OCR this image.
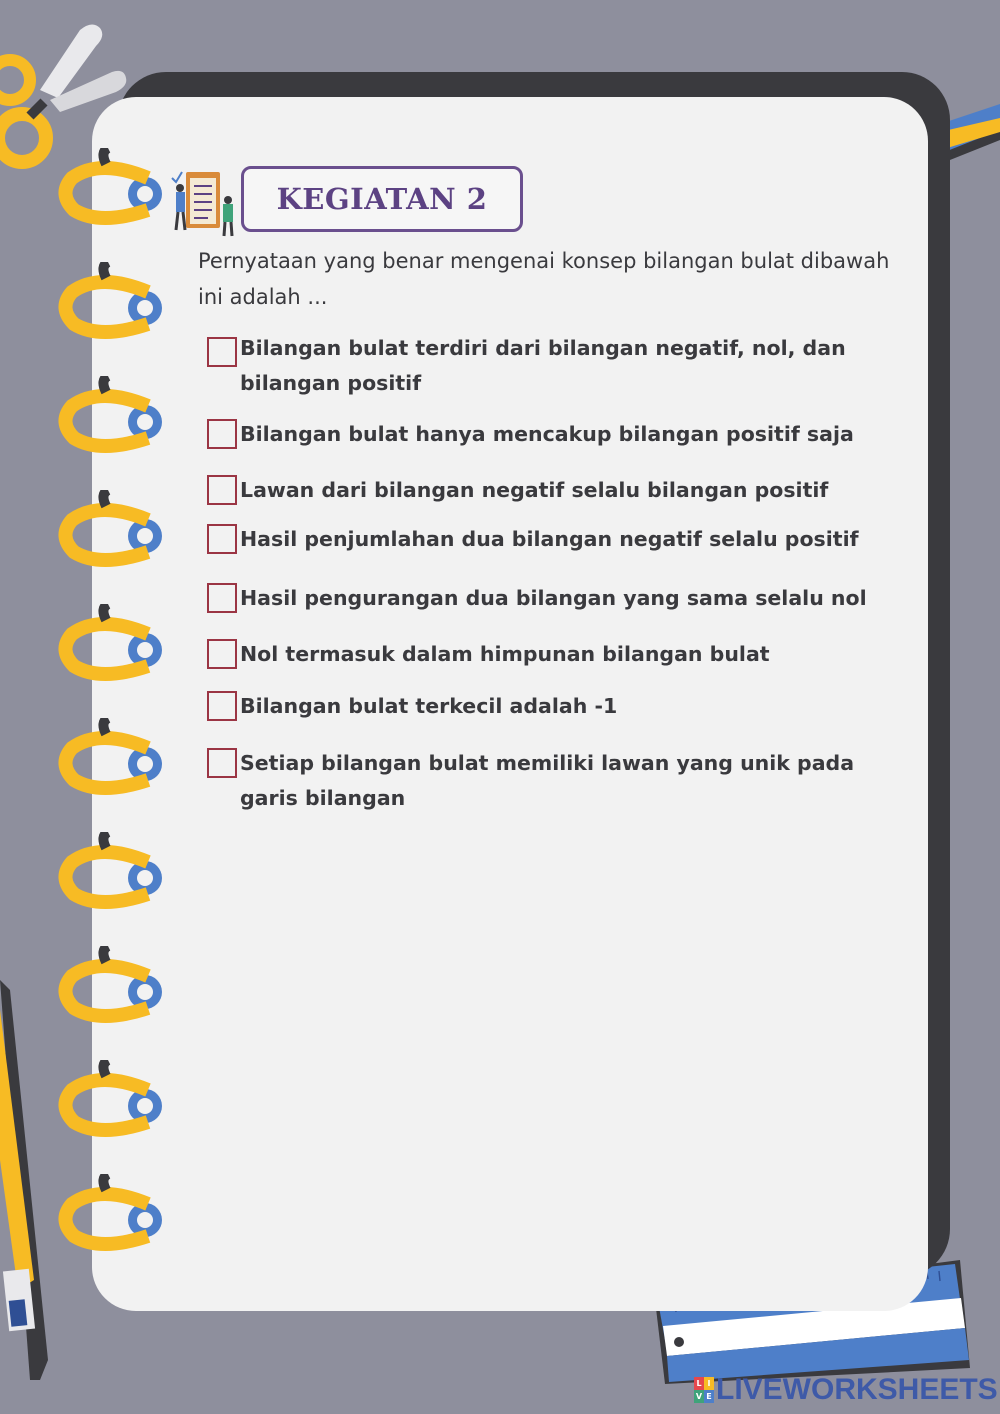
KEGIATAN 2
Pernyataan yang benar mengenai konsep bilangan bulat dibawah ini adalah ...
Bilangan bulat terdiri dari bilangan negatif, nol, dan bilangan positif
Bilangan bulat hanya mencakup bilangan positif saja
Lawan dari bilangan negatif selalu bilangan positif
Hasil penjumlahan dua bilangan negatif selalu positif
Hasil pengurangan dua bilangan yang sama selalu nol
Nol termasuk dalam himpunan bilangan bulat
Bilangan bulat terkecil adalah -1
Setiap bilangan bulat memiliki lawan yang unik pada garis bilangan
L I
V E LIVEWORKSHEETS
